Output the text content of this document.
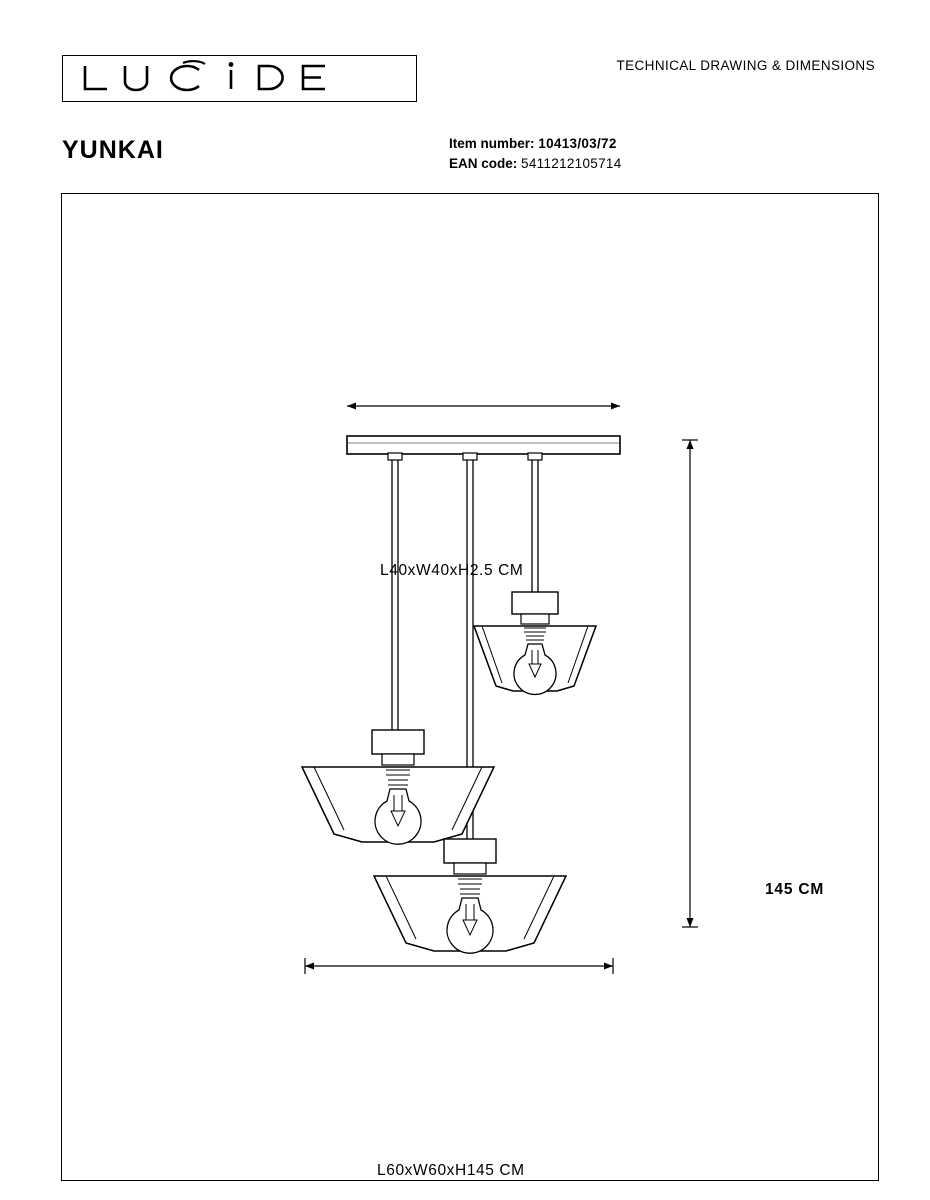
TECHNICAL DRAWING & DIMENSIONS
YUNKAI	Item number: 10413/03/72
EAN code: 5411212105714
L40xW40xH2.5 CM
L60xW60xH145 CM
145 CM
